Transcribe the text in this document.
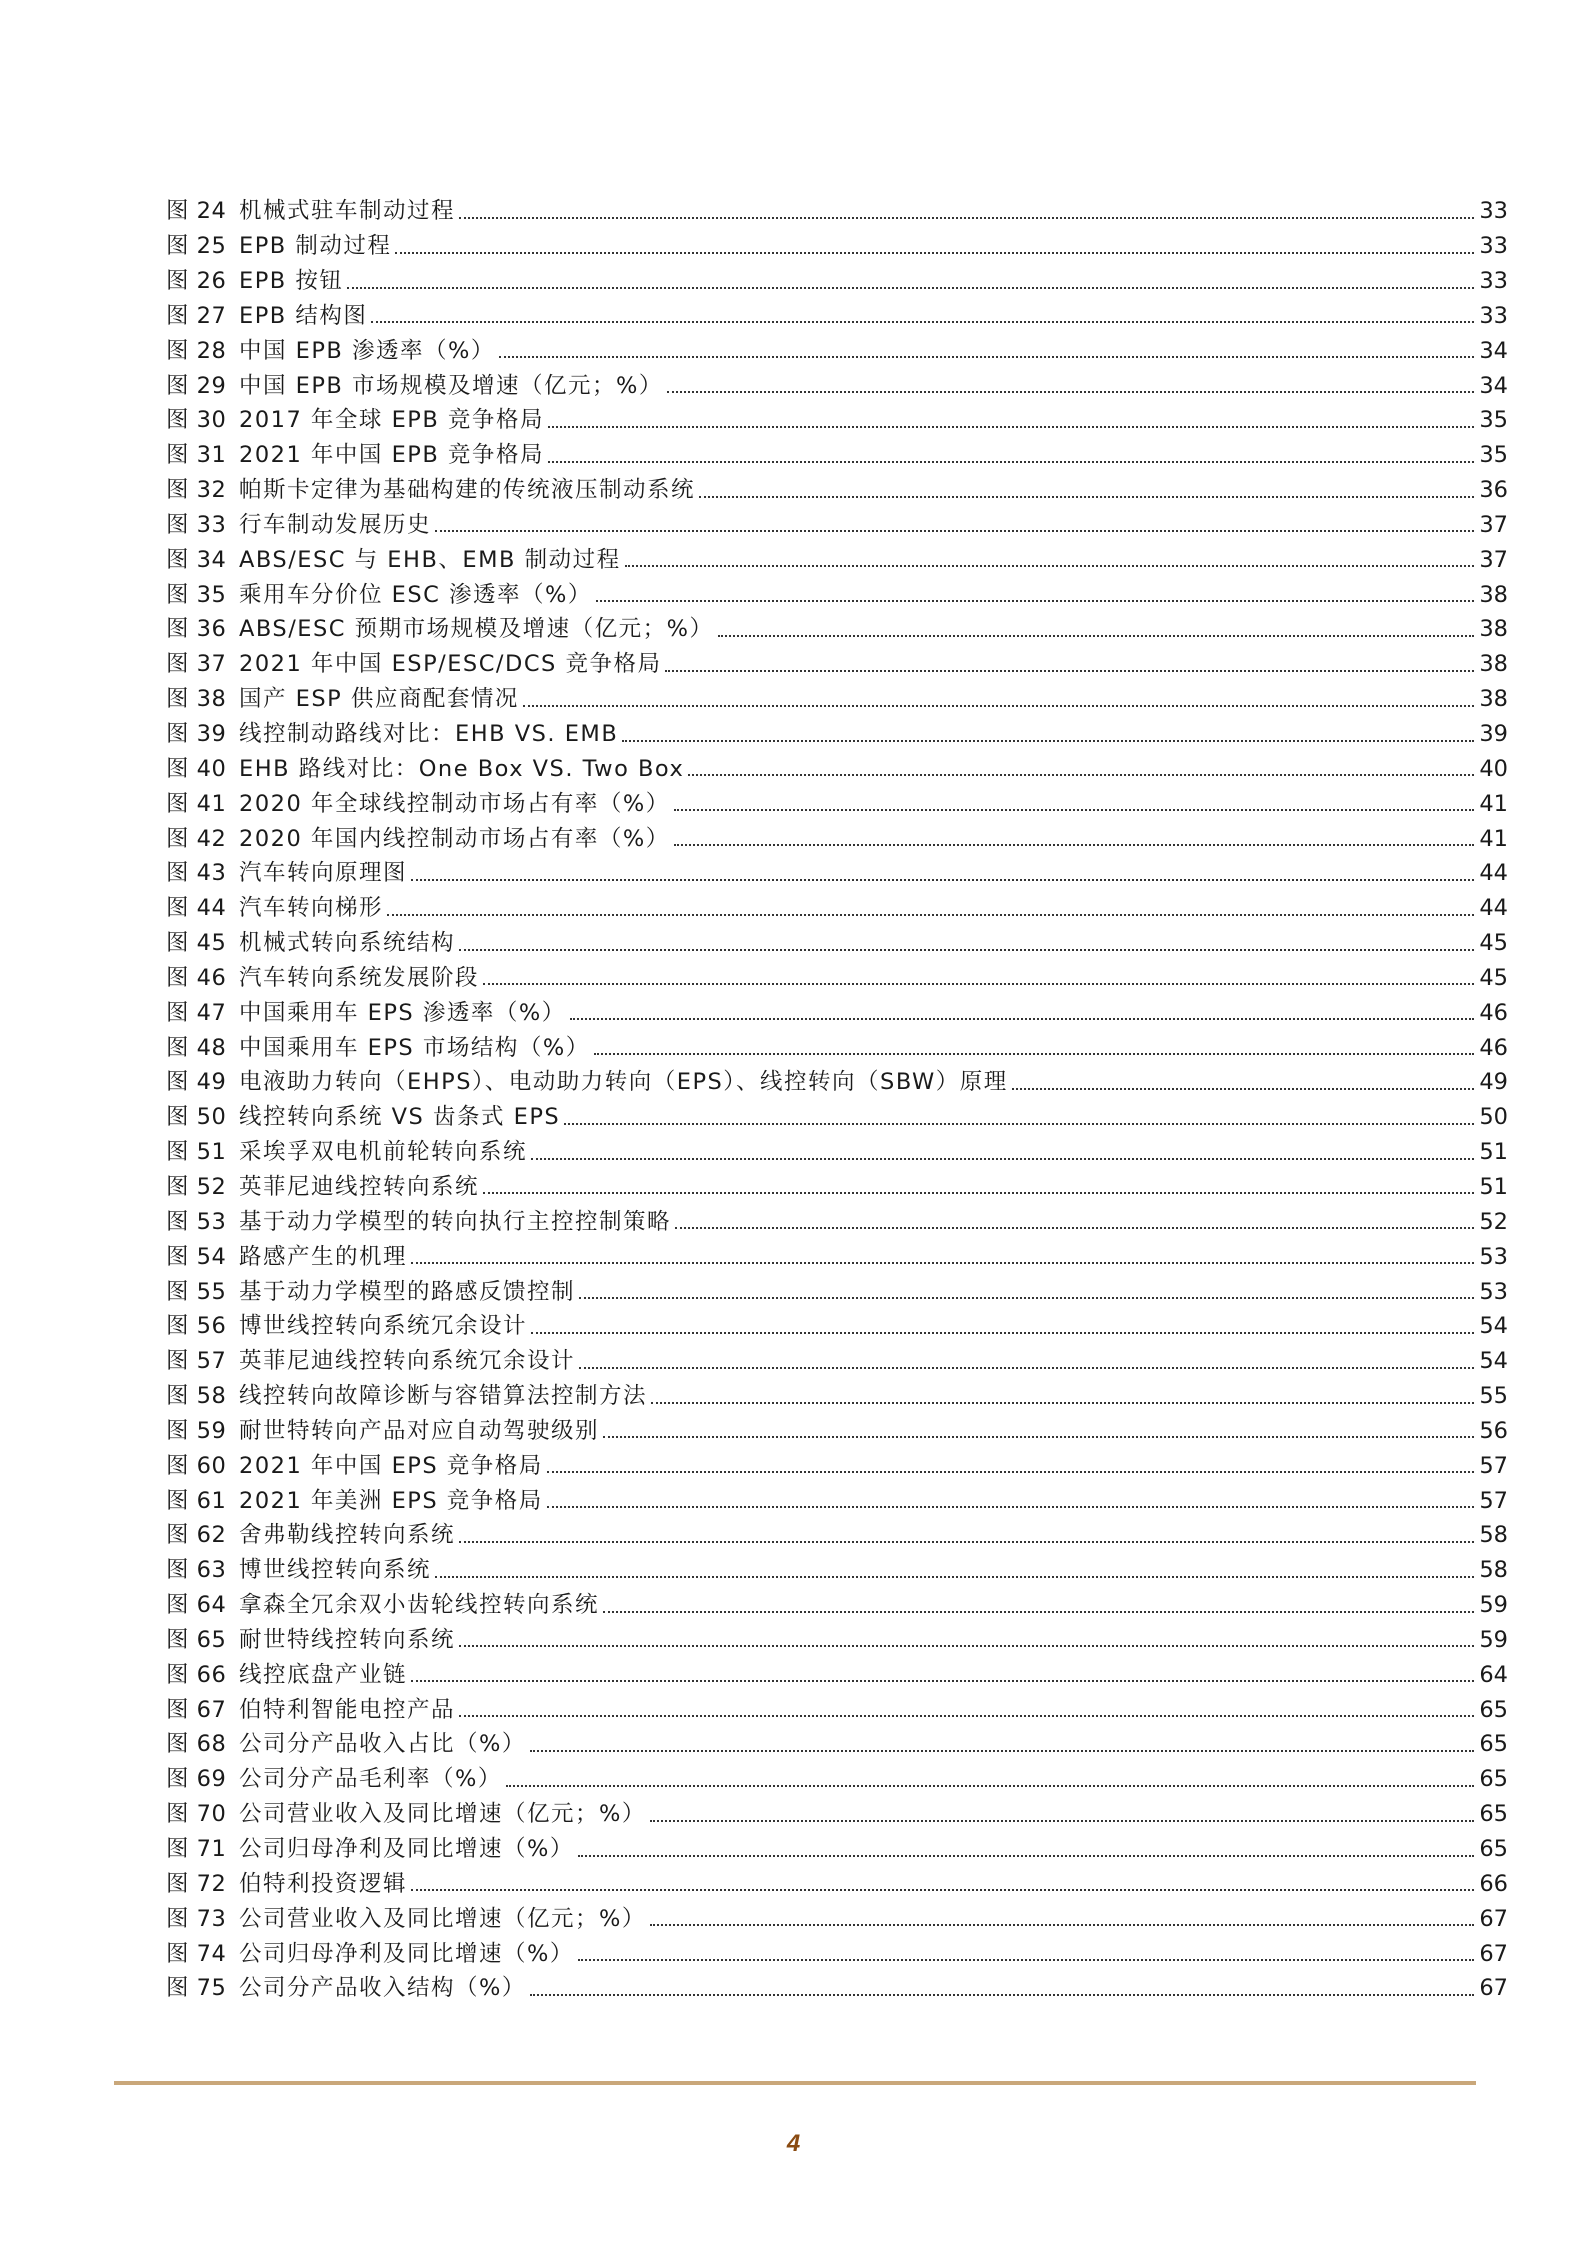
图 24 机械式驻车制动过程	33
图 25 EPB 制动过程	33
图 26 EPB 按钮	33
图 27 EPB 结构图	33
图 28 中国 EPB 渗透率（%）	34
图 29 中国 EPB 市场规模及增速（亿元；%）	34
图 30 2017 年全球 EPB 竞争格局	35
图 31 2021 年中国 EPB 竞争格局	35
图 32 帕斯卡定律为基础构建的传统液压制动系统	36
图 33 行车制动发展历史	37
图 34 ABS/ESC 与 EHB、EMB 制动过程	37
图 35 乘用车分价位 ESC 渗透率（%）	38
图 36 ABS/ESC 预期市场规模及增速（亿元；%）	38
图 37 2021 年中国 ESP/ESC/DCS 竞争格局	38
图 38 国产 ESP 供应商配套情况	38
图 39 线控制动路线对比：EHB VS. EMB	39
图 40 EHB 路线对比：One Box VS. Two Box	40
图 41 2020 年全球线控制动市场占有率（%）	41
图 42 2020 年国内线控制动市场占有率（%）	41
图 43 汽车转向原理图	44
图 44 汽车转向梯形	44
图 45 机械式转向系统结构	45
图 46 汽车转向系统发展阶段	45
图 47 中国乘用车 EPS 渗透率（%）	46
图 48 中国乘用车 EPS 市场结构（%）	46
图 49 电液助力转向（EHPS）、电动助力转向（EPS）、线控转向（SBW）原理	49
图 50 线控转向系统 VS 齿条式 EPS	50
图 51 采埃孚双电机前轮转向系统	51
图 52 英菲尼迪线控转向系统	51
图 53 基于动力学模型的转向执行主控控制策略	52
图 54 路感产生的机理	53
图 55 基于动力学模型的路感反馈控制	53
图 56 博世线控转向系统冗余设计	54
图 57 英菲尼迪线控转向系统冗余设计	54
图 58 线控转向故障诊断与容错算法控制方法	55
图 59 耐世特转向产品对应自动驾驶级别	56
图 60 2021 年中国 EPS 竞争格局	57
图 61 2021 年美洲 EPS 竞争格局	57
图 62 舍弗勒线控转向系统	58
图 63 博世线控转向系统	58
图 64 拿森全冗余双小齿轮线控转向系统	59
图 65 耐世特线控转向系统	59
图 66 线控底盘产业链	64
图 67 伯特利智能电控产品	65
图 68 公司分产品收入占比（%）	65
图 69 公司分产品毛利率（%）	65
图 70 公司营业收入及同比增速（亿元；%）	65
图 71 公司归母净利及同比增速（%）	65
图 72 伯特利投资逻辑	66
图 73 公司营业收入及同比增速（亿元；%）	67
图 74 公司归母净利及同比增速（%）	67
图 75 公司分产品收入结构（%）	67
4
